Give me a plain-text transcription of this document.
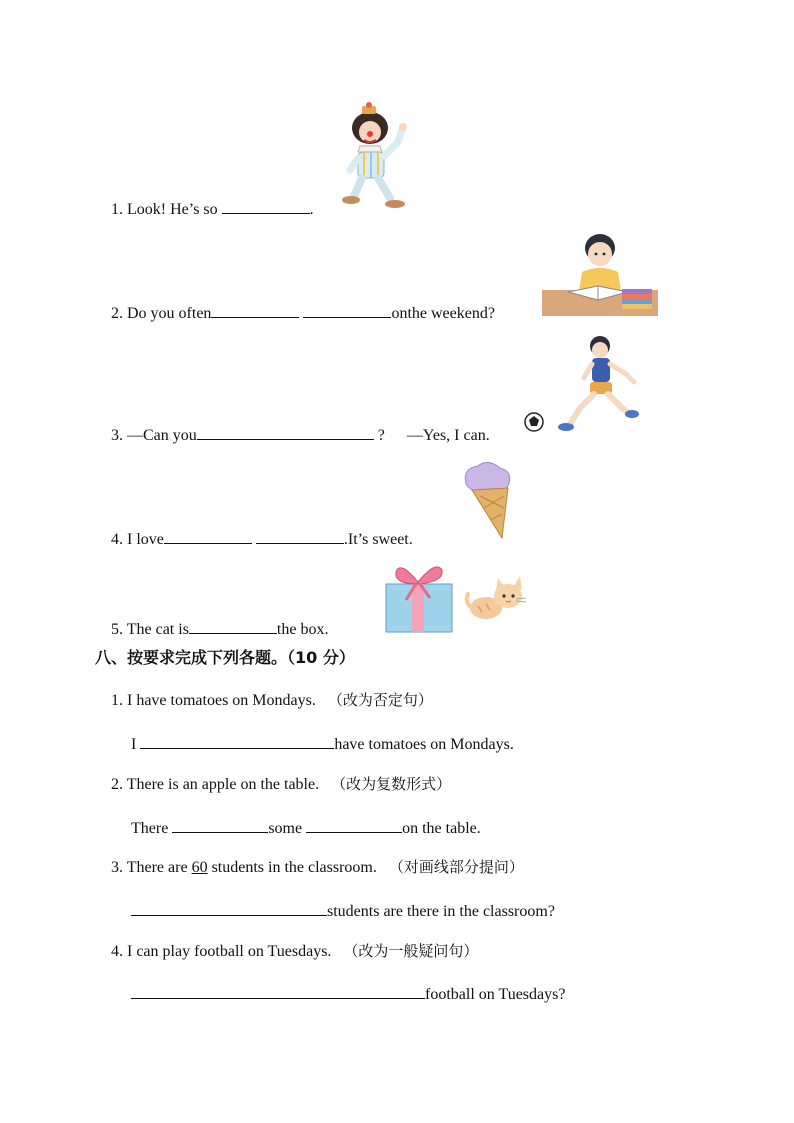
1. Look! He’s so	.
2. Do you often	onthe weekend?
3. —Can you	? —Yes, I can.
4. I love	.It’s sweet.
5. The cat is	the box.
八、按要求完成下列各题。（10 分）
1. I have tomatoes on Mondays. （改为否定句）
I	have tomatoes on Mondays.
2. There is an apple on the table. （改为复数形式）
There	some	on the table.
3. There are 60 students in the classroom. （对画线部分提问）
students are there in the classroom?
4. I can play football on Tuesdays. （改为一般疑问句）
football on Tuesdays?
